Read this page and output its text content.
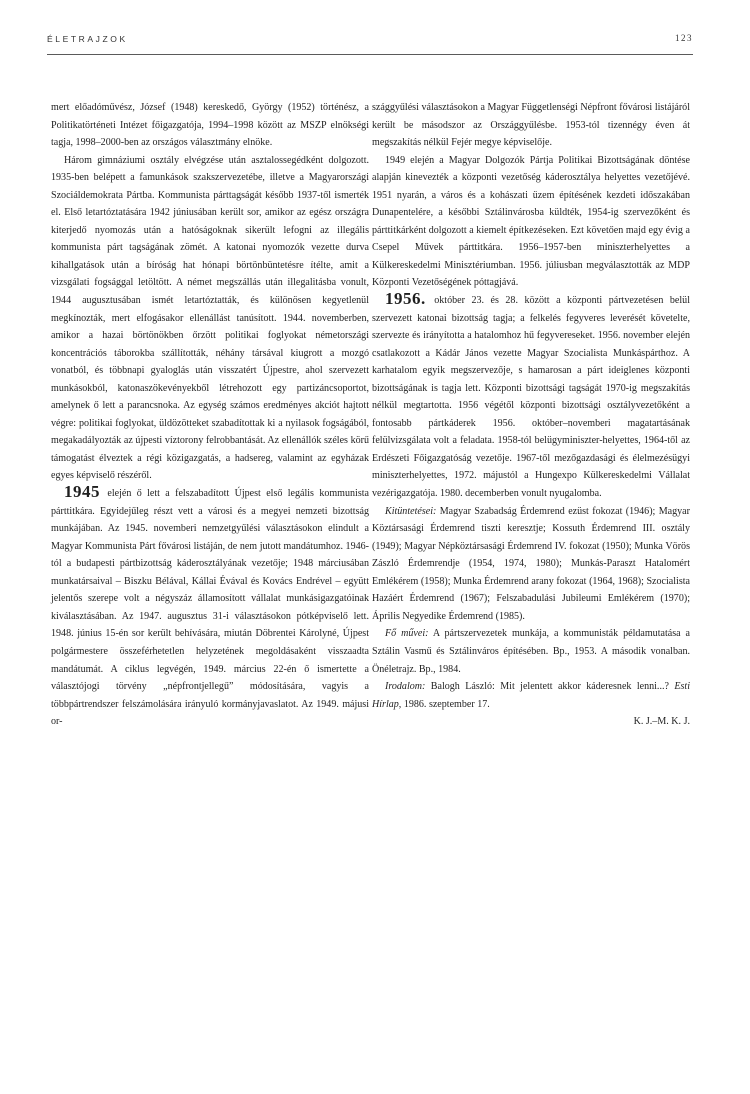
ÉLETRAJZOK	123

mert előadóművész, József (1948) kereskedő, György (1952) történész, a Politikatörténeti Intézet főigazgatója, 1994–1998 között az MSZP elnökségi tagja, 1998–2000-ben az országos választmány elnöke.

Három gimnáziumi osztály elvégzése után asztalossegédként dolgozott. 1935-ben belépett a famunkások szakszervezetébe, illetve a Magyarországi Szociáldemokrata Pártba. Kommunista párttagságát később 1937-től ismerték el. Első letartóztatására 1942 júniusában került sor, amikor az egész országra kiterjedő nyomozás után a hatóságoknak sikerült lefogni az illegális kommunista párt tagságának zömét. A katonai nyomozók vezette durva kihallgatások után a bíróság hat hónapi börtönbüntetésre ítélte, amit a vizsgálati fogsággal letöltött. A német megszállás után illegalitásba vonult, 1944 augusztusában ismét letartóztatták, és különösen kegyetlenül megkínozták, mert elfogásakor ellenállást tanúsított. 1944. novemberben, amikor a hazai börtönökben őrzött politikai foglyokat németországi koncentrációs táborokba szállították, néhány társával kiugrott a mozgó vonatból, és többnapi gyaloglás után visszatért Újpestre, ahol szervezett munkásokból, katonaszökevényekből létrehozott egy partizáncsoportot, amelynek ő lett a parancsnoka. Az egység számos eredményes akciót hajtott végre: politikai foglyokat, üldözötteket szabadítottak ki a nyilasok fogságából, megakadályozták az újpesti víztorony felrobbantását. Az ellenállók széles körű támogatást élveztek a régi közigazgatás, a hadsereg, valamint az egyházak egyes képviselő részéről.

1945 elején ő lett a felszabadított Újpest első legális kommunista párttitkára. Egyidejűleg részt vett a városi és a megyei nemzeti bizottság munkájában. Az 1945. novemberi nemzetgyűlési választásokon elindult a Magyar Kommunista Párt fővárosi listáján, de nem jutott mandátumhoz. 1946-tól a budapesti pártbizottság káderosztályának vezetője; 1948 márciusában munkatársaival – Biszku Bélával, Kállai Évával és Kovács Endrével – együtt jelentős szerepe volt a négyszáz államosított vállalat munkásigazgatóinak kiválasztásában. Az 1947. augusztus 31-i választásokon pótképviselő lett. 1948. június 15-én sor került behívására, miután Döbrentei Károlyné, Újpest polgármestere összeférhetetlen helyzetének megoldásaként visszaadta mandátumát. A ciklus legvégén, 1949. március 22-én ő ismertette a választójogi törvény „népfrontjellegű” módosítására, vagyis a többpártrendszer felszámolására irányuló kormányjavaslatot. Az 1949. májusi or-

szággyűlési választásokon a Magyar Függetlenségi Népfront fővárosi listájáról került be másodszor az Országgyűlésbe. 1953-tól tizennégy éven át megszakítás nélkül Fejér megye képviselője.

1949 elején a Magyar Dolgozók Pártja Politikai Bizottságának döntése alapján kinevezték a központi vezetőség káderosztálya helyettes vezetőjévé. 1951 nyarán, a város és a kohászati üzem építésének kezdeti időszakában Dunapentelére, a későbbi Sztálinvárosba küldték, 1954-ig szervezőként és párttitkárként dolgozott a kiemelt építkezéseken. Ezt követően majd egy évig a Csepel Művek párttitkára. 1956–1957-ben miniszterhelyettes a Külkereskedelmi Minisztériumban. 1956. júliusban megválasztották az MDP Központi Vezetőségének póttagjává.

1956. október 23. és 28. között a központi pártvezetésen belül szervezett katonai bizottság tagja; a felkelés fegyveres leverését követelte, szervezte és irányította a hatalomhoz hű fegyvereseket. 1956. november elején csatlakozott a Kádár János vezette Magyar Szocialista Munkáspárthoz. A karhatalom egyik megszervezője, s hamarosan a párt ideiglenes központi bizottságának is tagja lett. Központi bizottsági tagságát 1970-ig megszakítás nélkül megtartotta. 1956 végétől központi bizottsági osztályvezetőként a fontosabb pártkáderek 1956. október–novemberi magatartásának felülvizsgálata volt a feladata. 1958-tól belügyminiszter-helyettes, 1964-től az Erdészeti Főigazgatóság vezetője. 1967-től mezőgazdasági és élelmezésügyi miniszterhelyettes, 1972. májustól a Hungexpo Külkereskedelmi Vállalat vezérigazgatója. 1980. decemberben vonult nyugalomba.

Kitüntetései: Magyar Szabadság Érdemrend ezüst fokozat (1946); Magyar Köztársasági Érdemrend tiszti keresztje; Kossuth Érdemrend III. osztály (1949); Magyar Népköztársasági Érdemrend IV. fokozat (1950); Munka Vörös Zászló Érdemrendje (1954, 1974, 1980); Munkás-Paraszt Hatalomért Emlékérem (1958); Munka Érdemrend arany fokozat (1964, 1968); Szocialista Hazáért Érdemrend (1967); Felszabadulási Jubileumi Emlékérem (1970); Április Negyedike Érdemrend (1985).

Fő művei: A pártszervezetek munkája, a kommunisták példamutatása a Sztálin Vasmű és Sztálinváros építésében. Bp., 1953. A második vonalban. Önéletrajz. Bp., 1984.

Irodalom: Balogh László: Mit jelentett akkor káderesnek lenni...? Esti Hírlap, 1986. szeptember 17.

K. J.–M. K. J.
